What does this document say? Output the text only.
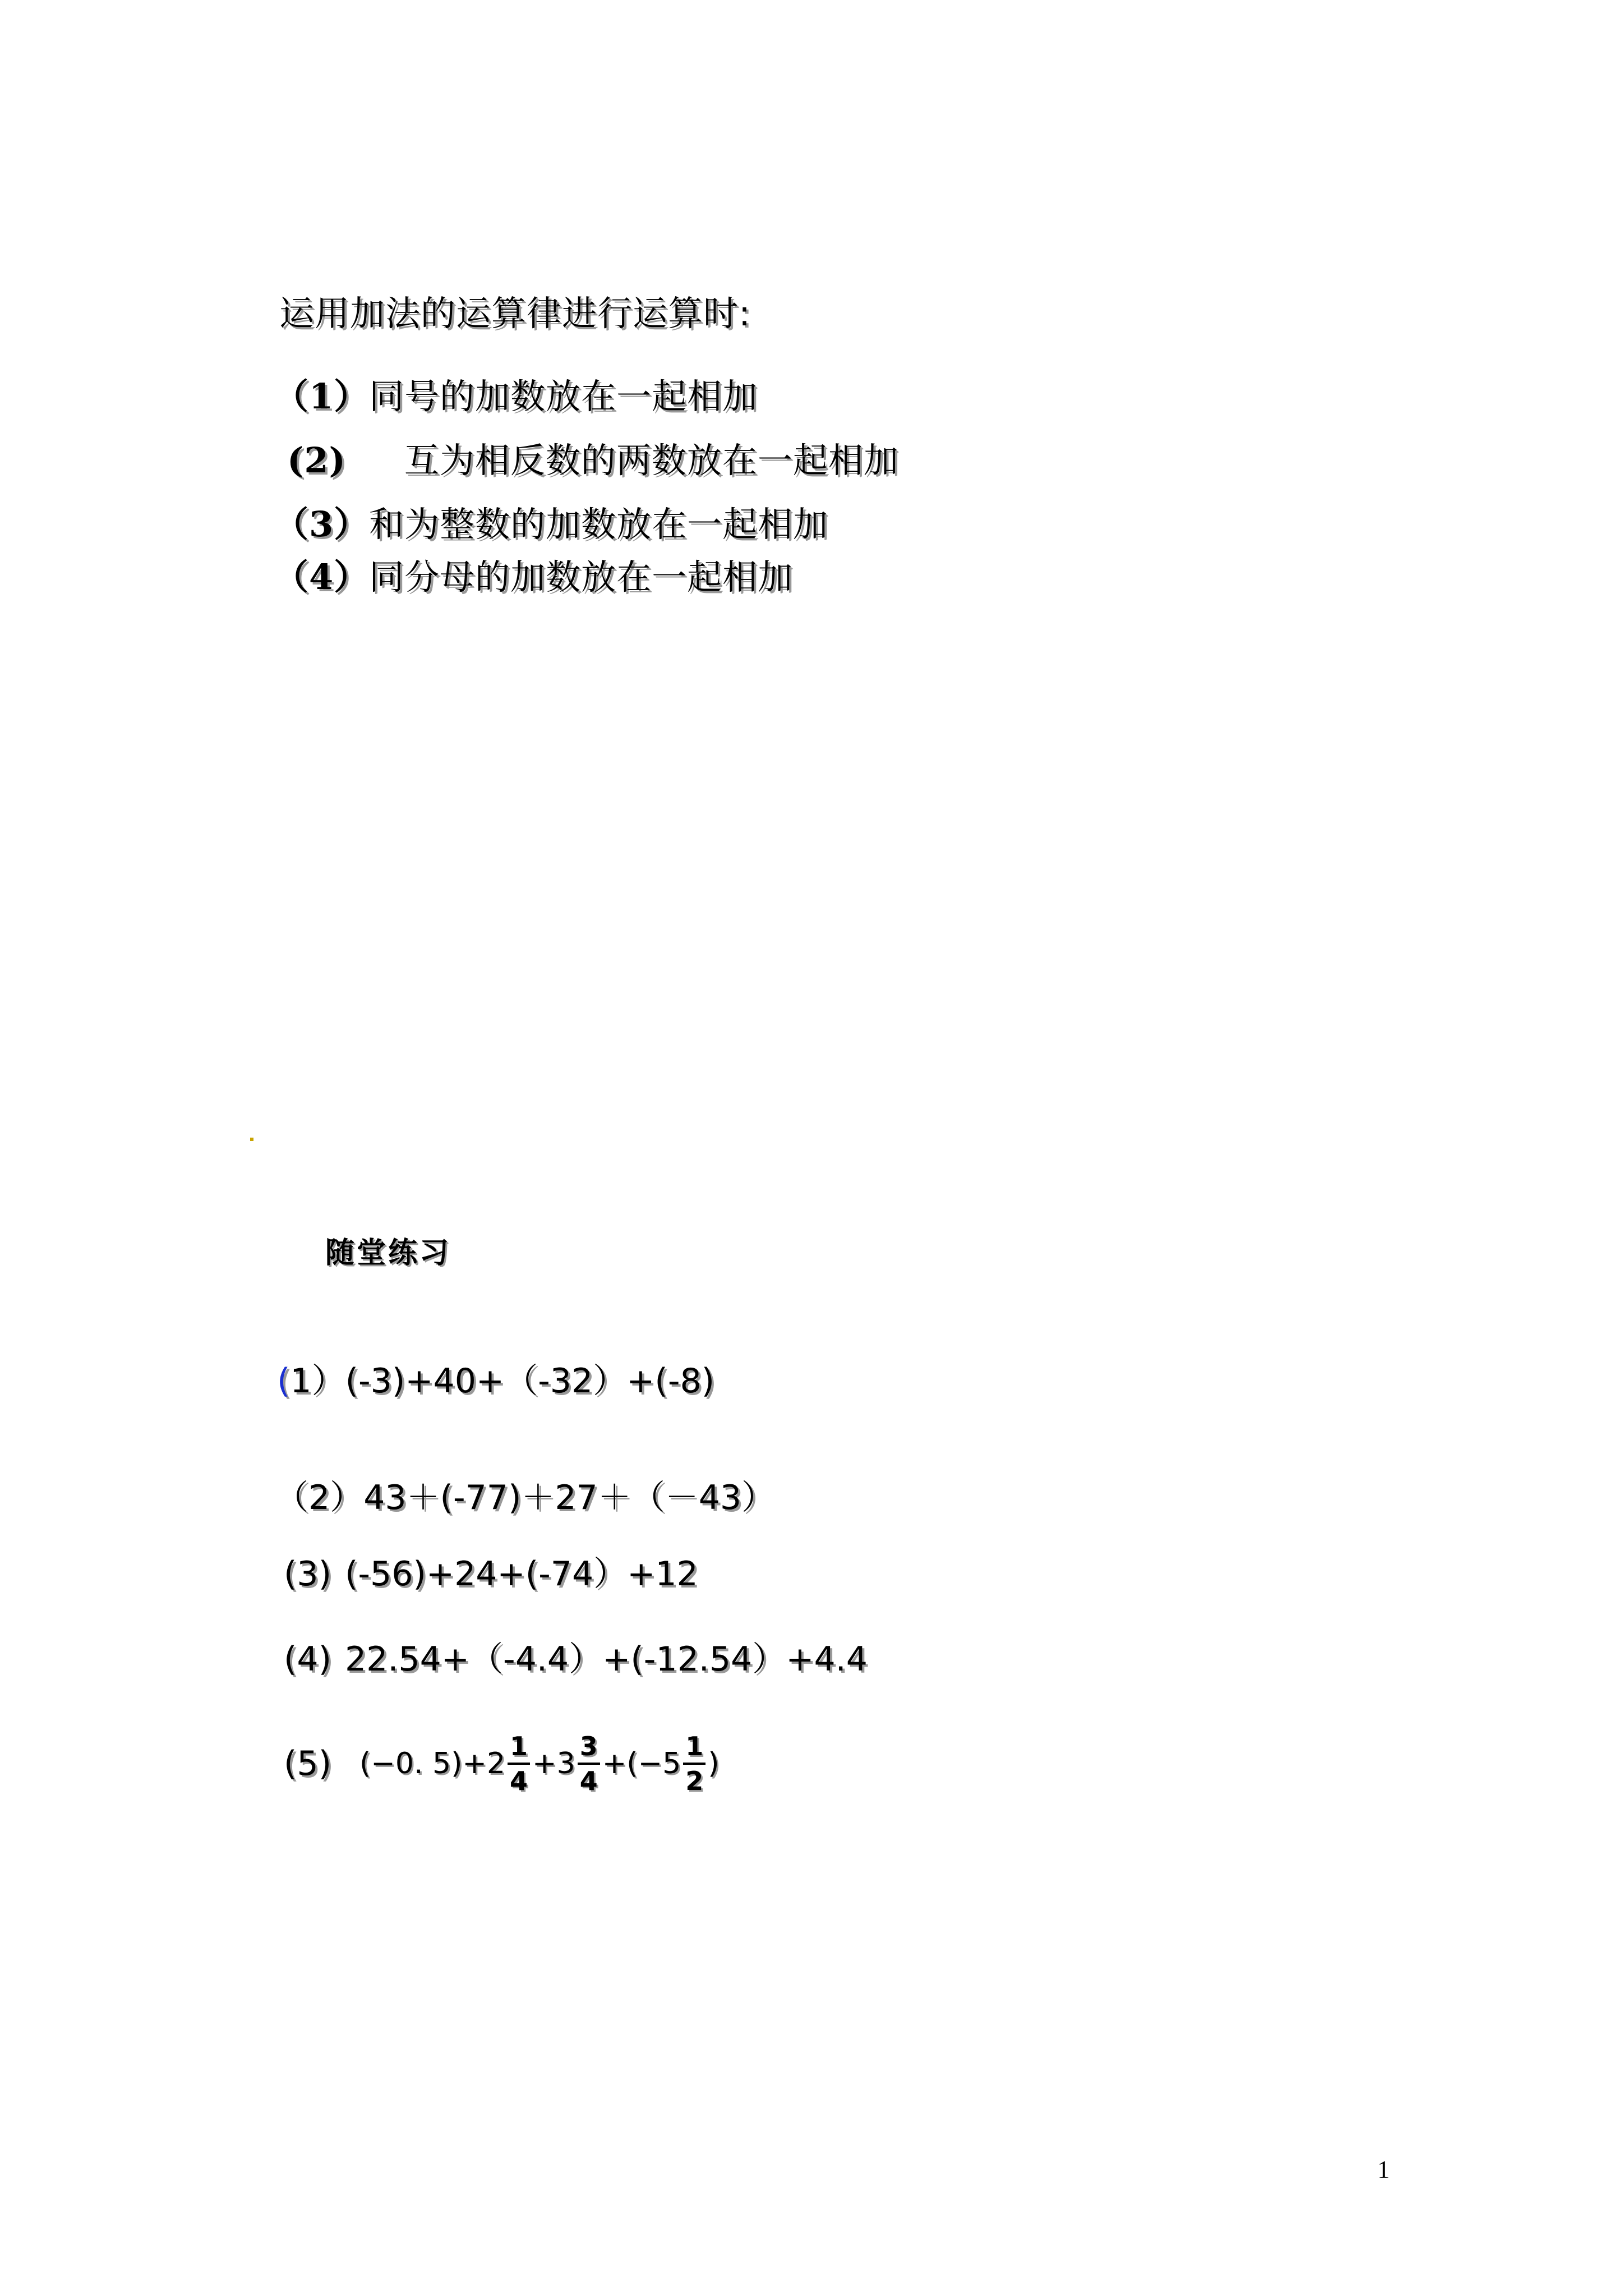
运用加法的运算律进行运算时:
（1）同号的加数放在一起相加
(2) 互为相反数的两数放在一起相加
（3）和为整数的加数放在一起相加
（4）同分母的加数放在一起相加
随堂练习
(1）(-3)+40+（-32）+(-8)
（2）43＋(-77)＋27＋（－43）
(3) (-56)+24+(-74）+12
(4) 22.54+（-4.4）+(-12.54）+4.4
(5) (−0. $5)+2 \frac{1}{4} +3 \frac{3}{4} +(-5 \frac{1}{2}$ )
1
